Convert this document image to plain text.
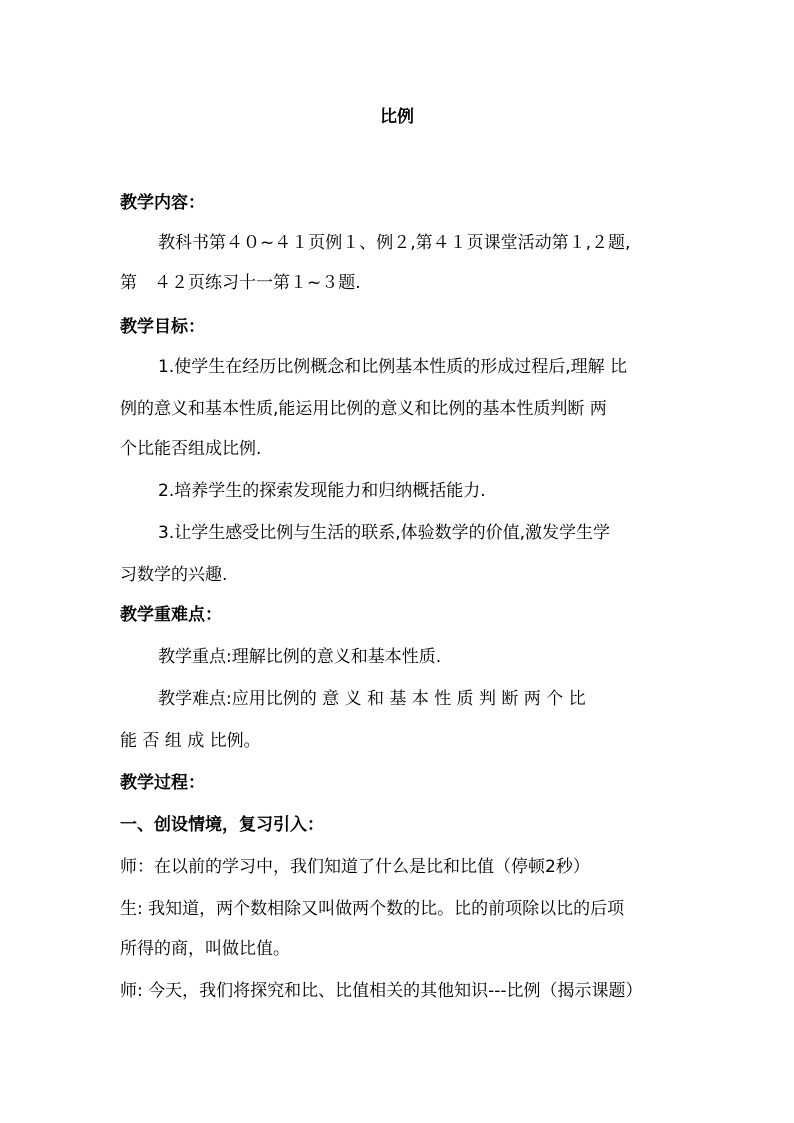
比例
教学内容：
教科书第４０~４１页例１、例２,第４１页课堂活动第１,２题,
第　４２页练习十一第１~３题.
教学目标：
1.使学生在经历比例概念和比例基本性质的形成过程后,理解 比
例的意义和基本性质,能运用比例的意义和比例的基本性质判断 两
个比能否组成比例.
2.培养学生的探索发现能力和归纳概括能力.
3.让学生感受比例与生活的联系,体验数学的价值,激发学生学
习数学的兴趣.
教学重难点：
教学重点:理解比例的意义和基本性质.
教学难点:应用比例的 意 义 和 基 本 性 质 判 断 两 个 比
能 否 组 成 比例。
教学过程：
一、创设情境，复习引入：
师：在以前的学习中，我们知道了什么是比和比值（停顿2秒）
生: 我知道，两个数相除又叫做两个数的比。比的前项除以比的后项
所得的商，叫做比值。
师: 今天，我们将探究和比、比值相关的其他知识---比例（揭示课题）
